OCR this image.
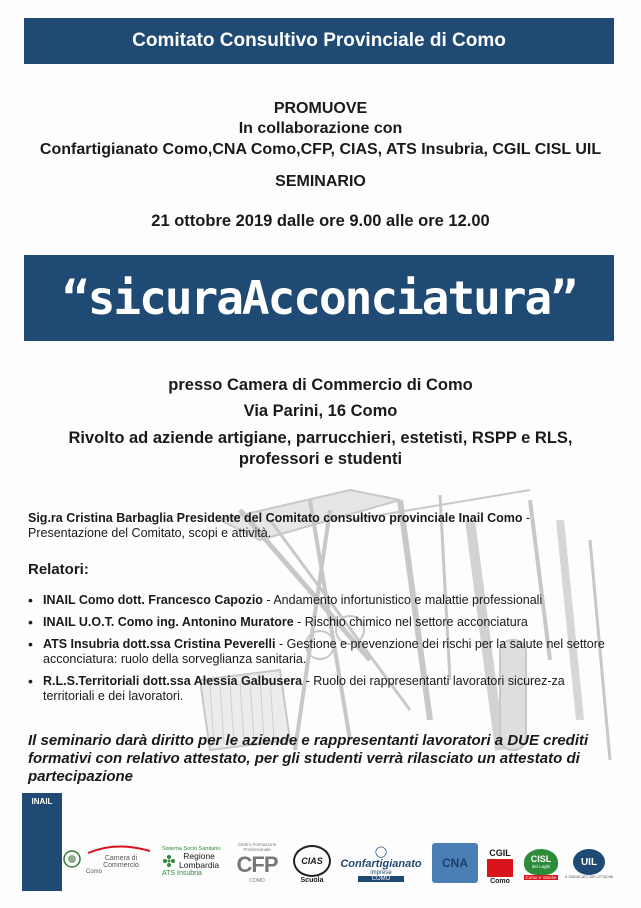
Comitato Consultivo Provinciale di Como
PROMUOVE
In collaborazione con
Confartigianato Como,CNA Como,CFP, CIAS, ATS Insubria, CGIL CISL UIL
SEMINARIO
21 ottobre 2019 dalle ore 9.00 alle ore 12.00
“sicuraAcconciatura”
presso Camera di Commercio di Como
Via Parini, 16 Como
Rivolto ad aziende artigiane, parrucchieri, estetisti, RSPP e RLS,
professori e studenti
Sig.ra Cristina Barbaglia Presidente del Comitato consultivo provinciale Inail Como -
Presentazione del Comitato, scopi e attività.
Relatori:
• INAIL Como dott. Francesco Capozio - Andamento infortunistico e malattie professionali
• INAIL U.O.T. Como ing. Antonino Muratore - Rischio chimico nel settore acconciatura
• ATS Insubria dott.ssa Cristina Peverelli - Gestione e prevenzione dei rischi per la salute nel settore acconciatura: ruolo della sorveglianza sanitaria.
• R.L.S.Territoriali dott.ssa Alessia Galbusera - Ruolo dei rappresentanti lavoratori sicurez-za territoriali e dei lavoratori.
Il seminario darà diritto per le aziende e rappresentanti lavoratori a DUE crediti formativi con relativo attestato, per gli studenti verrà rilasciato un attestato di partecipazione
INAIL
Camera di Commercio
Como
Sistema Socio Sanitario
Regione
Lombardia
ATS Insubria
Centro Formazione Professionale
CFP
COMO
CIAS
Scuola
◯
Confartigianato
imprese
COMO
CNA
CGIL
Como
CISL
dei Laghi
Como e Varese
UIL
IL SINDACATO DEI CITTADINI
